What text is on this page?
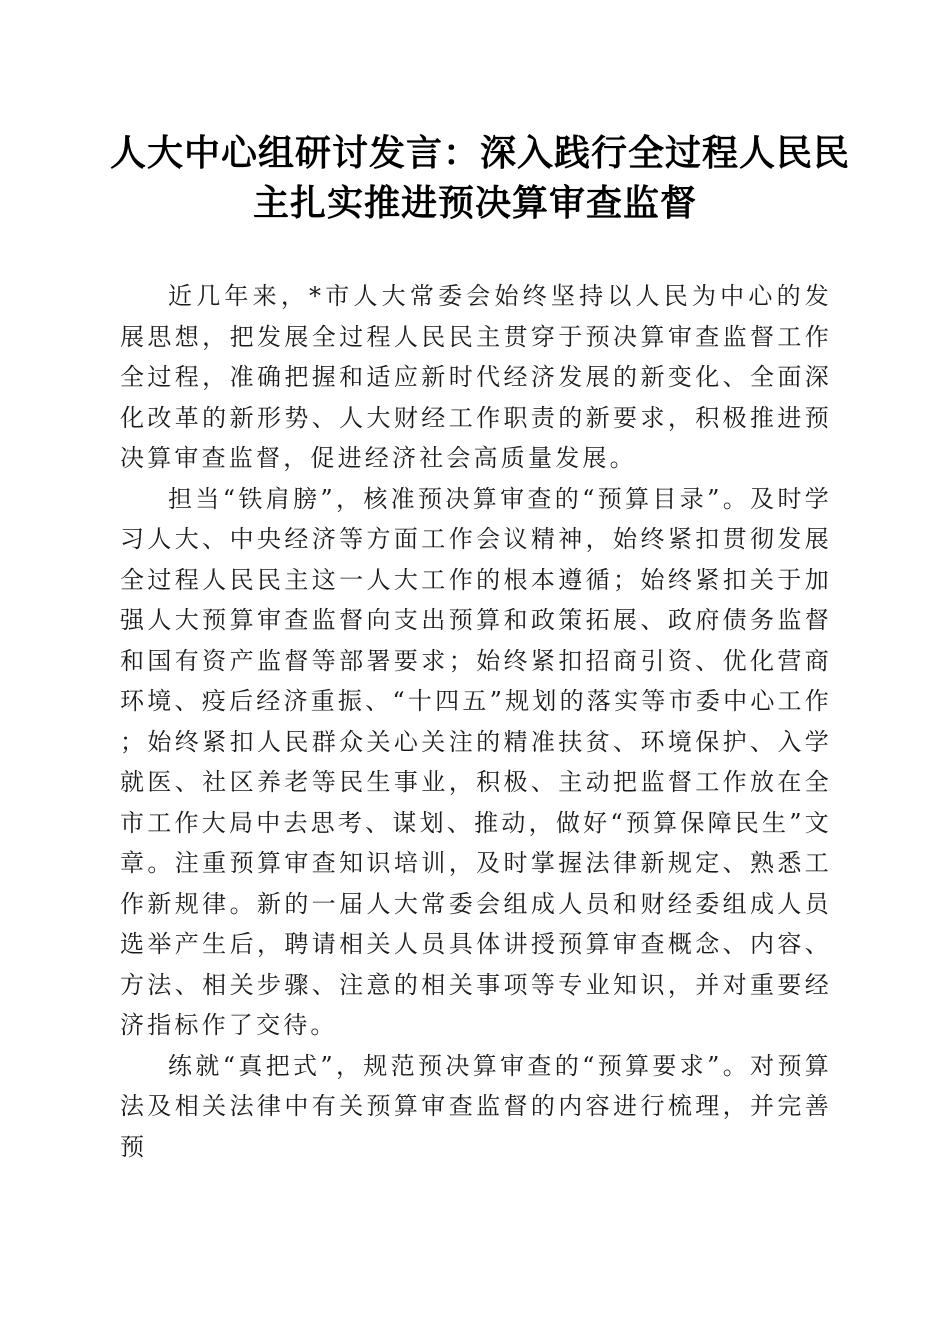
人大中心组研讨发言：深入践行全过程人民民
主扎实推进预决算审查监督

近几年来，*市人大常委会始终坚持以人民为中心的发展思想，把发展全过程人民民主贯穿于预决算审查监督工作全过程，准确把握和适应新时代经济发展的新变化、全面深化改革的新形势、人大财经工作职责的新要求，积极推进预决算审查监督，促进经济社会高质量发展。

担当“铁肩膀”，核准预决算审查的“预算目录”。及时学习人大、中央经济等方面工作会议精神，始终紧扣贯彻发展全过程人民民主这一人大工作的根本遵循；始终紧扣关于加强人大预算审查监督向支出预算和政策拓展、政府债务监督和国有资产监督等部署要求；始终紧扣招商引资、优化营商环境、疫后经济重振、“十四五”规划的落实等市委中心工作；始终紧扣人民群众关心关注的精准扶贫、环境保护、入学就医、社区养老等民生事业，积极、主动把监督工作放在全市工作大局中去思考、谋划、推动，做好“预算保障民生”文章。注重预算审查知识培训，及时掌握法律新规定、熟悉工作新规律。新的一届人大常委会组成人员和财经委组成人员选举产生后，聘请相关人员具体讲授预算审查概念、内容、方法、相关步骤、注意的相关事项等专业知识，并对重要经济指标作了交待。

练就“真把式”，规范预决算审查的“预算要求”。对预算法及相关法律中有关预算审查监督的内容进行梳理，并完善预
